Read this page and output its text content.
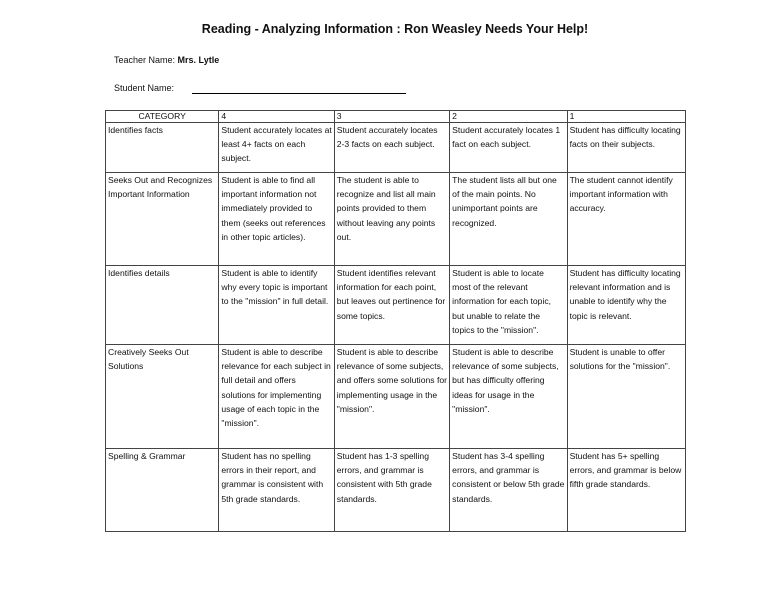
Reading - Analyzing Information : Ron Weasley Needs Your Help!
Teacher Name: Mrs. Lytle
Student Name:
CATEGORY	4	3	2	1
Identifies facts	Student accurately locates at least 4+ facts on each subject.	Student accurately locates 2-3 facts on each subject.	Student accurately locates 1 fact on each subject.	Student has difficulty locating facts on their subjects.
Seeks Out and Recognizes Important Information	Student is able to find all important information not immediately provided to them (seeks out references in other topic articles).	The student is able to recognize and list all main points provided to them without leaving any points out.	The student lists all but one of the main points. No unimportant points are recognized.	The student cannot identify important information with accuracy.
Identifies details	Student is able to identify why every topic is important to the "mission" in full detail.	Student identifies relevant information for each point, but leaves out pertinence for some topics.	Student is able to locate most of the relevant information for each topic, but unable to relate the topics to the "mission".	Student has difficulty locating relevant information and is unable to identify why the topic is relevant.
Creatively Seeks Out Solutions	Student is able to describe relevance for each subject in full detail and offers solutions for implementing usage of each topic in the "mission".	Student is able to describe relevance of some subjects, and offers some solutions for implementing usage in the "mission".	Student is able to describe relevance of some subjects, but has difficulty offering ideas for usage in the "mission".	Student is unable to offer solutions for the "mission".
Spelling & Grammar	Student has no spelling errors in their report, and grammar is consistent with 5th grade standards.	Student has 1-3 spelling errors, and grammar is consistent with 5th grade standards.	Student has 3-4 spelling errors, and grammar is consistent or below 5th grade standards.	Student has 5+ spelling errors, and grammar is below fifth grade standards.
